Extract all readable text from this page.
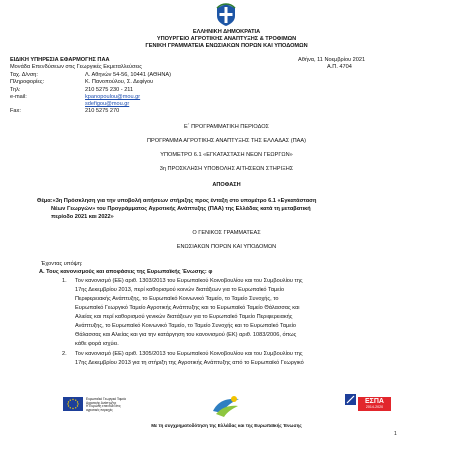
ΕΛΛΗΝΙΚΗ ΔΗΜΟΚΡΑΤΙΑ
ΥΠΟΥΡΓΕΙΟ ΑΓΡΟΤΙΚΗΣ ΑΝΑΠΤΥΞΗΣ & ΤΡΟΦΙΜΩΝ
ΓΕΝΙΚΗ ΓΡΑΜΜΑΤΕΙΑ ΕΝΩΣΙΑΚΩΝ ΠΟΡΩΝ ΚΑΙ ΥΠΟΔΟΜΩΝ
ΕΙΔΙΚΗ ΥΠΗΡΕΣΙΑ ΕΦΑΡΜΟΓΗΣ ΠΑΑ
Μονάδα Επενδύσεων στις Γεωργικές Εκμεταλλεύσεις
Αθήνα, 11 Νοεμβρίου 2021
Α.Π. 4704
Ταχ. Δ/νση:	Λ. Αθηνών 54-56, 10441 (ΑΘΗΝΑ)
Πληροφορίες:	Κ. Πανοπούλου, Σ. Δεφίγου
Τηλ:	210 5275 230 - 211
e-mail:	kpanopoulou@mou.gr
sdefigou@mou.gr
Fax:	210 5275 270
Ε΄ ΠΡΟΓΡΑΜΜΑΤΙΚΗ ΠΕΡΙΟΔΟΣ
ΠΡΟΓΡΑΜΜΑ ΑΓΡΟΤΙΚΗΣ ΑΝΑΠΤΥΞΗΣ ΤΗΣ ΕΛΛΑΔΑΣ (ΠΑΑ)
ΥΠΟΜΕΤΡΟ 6.1 «ΕΓΚΑΤΑΣΤΑΣΗ ΝΕΩΝ ΓΕΩΡΓΩΝ»
3η ΠΡΟΣΚΛΗΣΗ ΥΠΟΒΟΛΗΣ ΑΙΤΗΣΕΩΝ ΣΤΗΡΙΞΗΣ
ΑΠΟΦΑΣΗ
Θέμα:«3η Πρόσκληση για την υποβολή αιτήσεων στήριξης προς ένταξη στο υπομέτρο 6.1 «Εγκατάσταση
Νέων Γεωργών» του Προγράμματος Αγροτικής Ανάπτυξης (ΠΑΑ) της Ελλάδας κατά τη μεταβατική
περίοδο 2021 και 2022»
Ο ΓΕΝΙΚΟΣ ΓΡΑΜΜΑΤΕΑΣ
ΕΝΩΣΙΑΚΩΝ ΠΟΡΩΝ ΚΑΙ ΥΠΟΔΟΜΩΝ
Έχοντας υπόψη:
Α. Τους κανονισμούς και αποφάσεις της Ευρωπαϊκής Ένωσης: φ
1. Τον κανονισμό (ΕΕ) αριθ. 1303/2013 του Ευρωπαϊκού Κοινοβουλίου και του Συμβουλίου της
17ης Δεκεμβρίου 2013, περί καθορισμού κοινών διατάξεων για το Ευρωπαϊκό Ταμείο
Περιφερειακής Ανάπτυξης, το Ευρωπαϊκό Κοινωνικό Ταμείο, το Ταμείο Συνοχής, το
Ευρωπαϊκό Γεωργικό Ταμείο Αγροτικής Ανάπτυξης και το Ευρωπαϊκό Ταμείο Θάλασσας και
Αλιείας και περί καθορισμού γενικών διατάξεων για το Ευρωπαϊκό Ταμείο Περιφερειακής
Ανάπτυξης, το Ευρωπαϊκό Κοινωνικό Ταμείο, το Ταμείο Συνοχής και το Ευρωπαϊκό Ταμείο
Θάλασσας και Αλιείας και για την κατάργηση του κανονισμού (ΕΚ) αριθ. 1083/2006, όπως
κάθε φορά ισχύει.
2. Τον κανονισμό (ΕΕ) αριθ. 1305/2013 του Ευρωπαϊκού Κοινοβουλίου και του Συμβουλίου της
17ης Δεκεμβρίου 2013 για τη στήριξη της Αγροτικής Ανάπτυξης από το Ευρωπαϊκό Γεωργικό
Ευρωπαϊκό Γεωργικό Ταμείο Αγροτικής Ανάπτυξης
Η Ευρώπη επενδύει στις αγροτικές περιοχές
ΕΣΠΑ
2014-2020
Με τη συγχρηματοδότηση της Ελλάδας και της Ευρωπαϊκής Ένωσης
1
